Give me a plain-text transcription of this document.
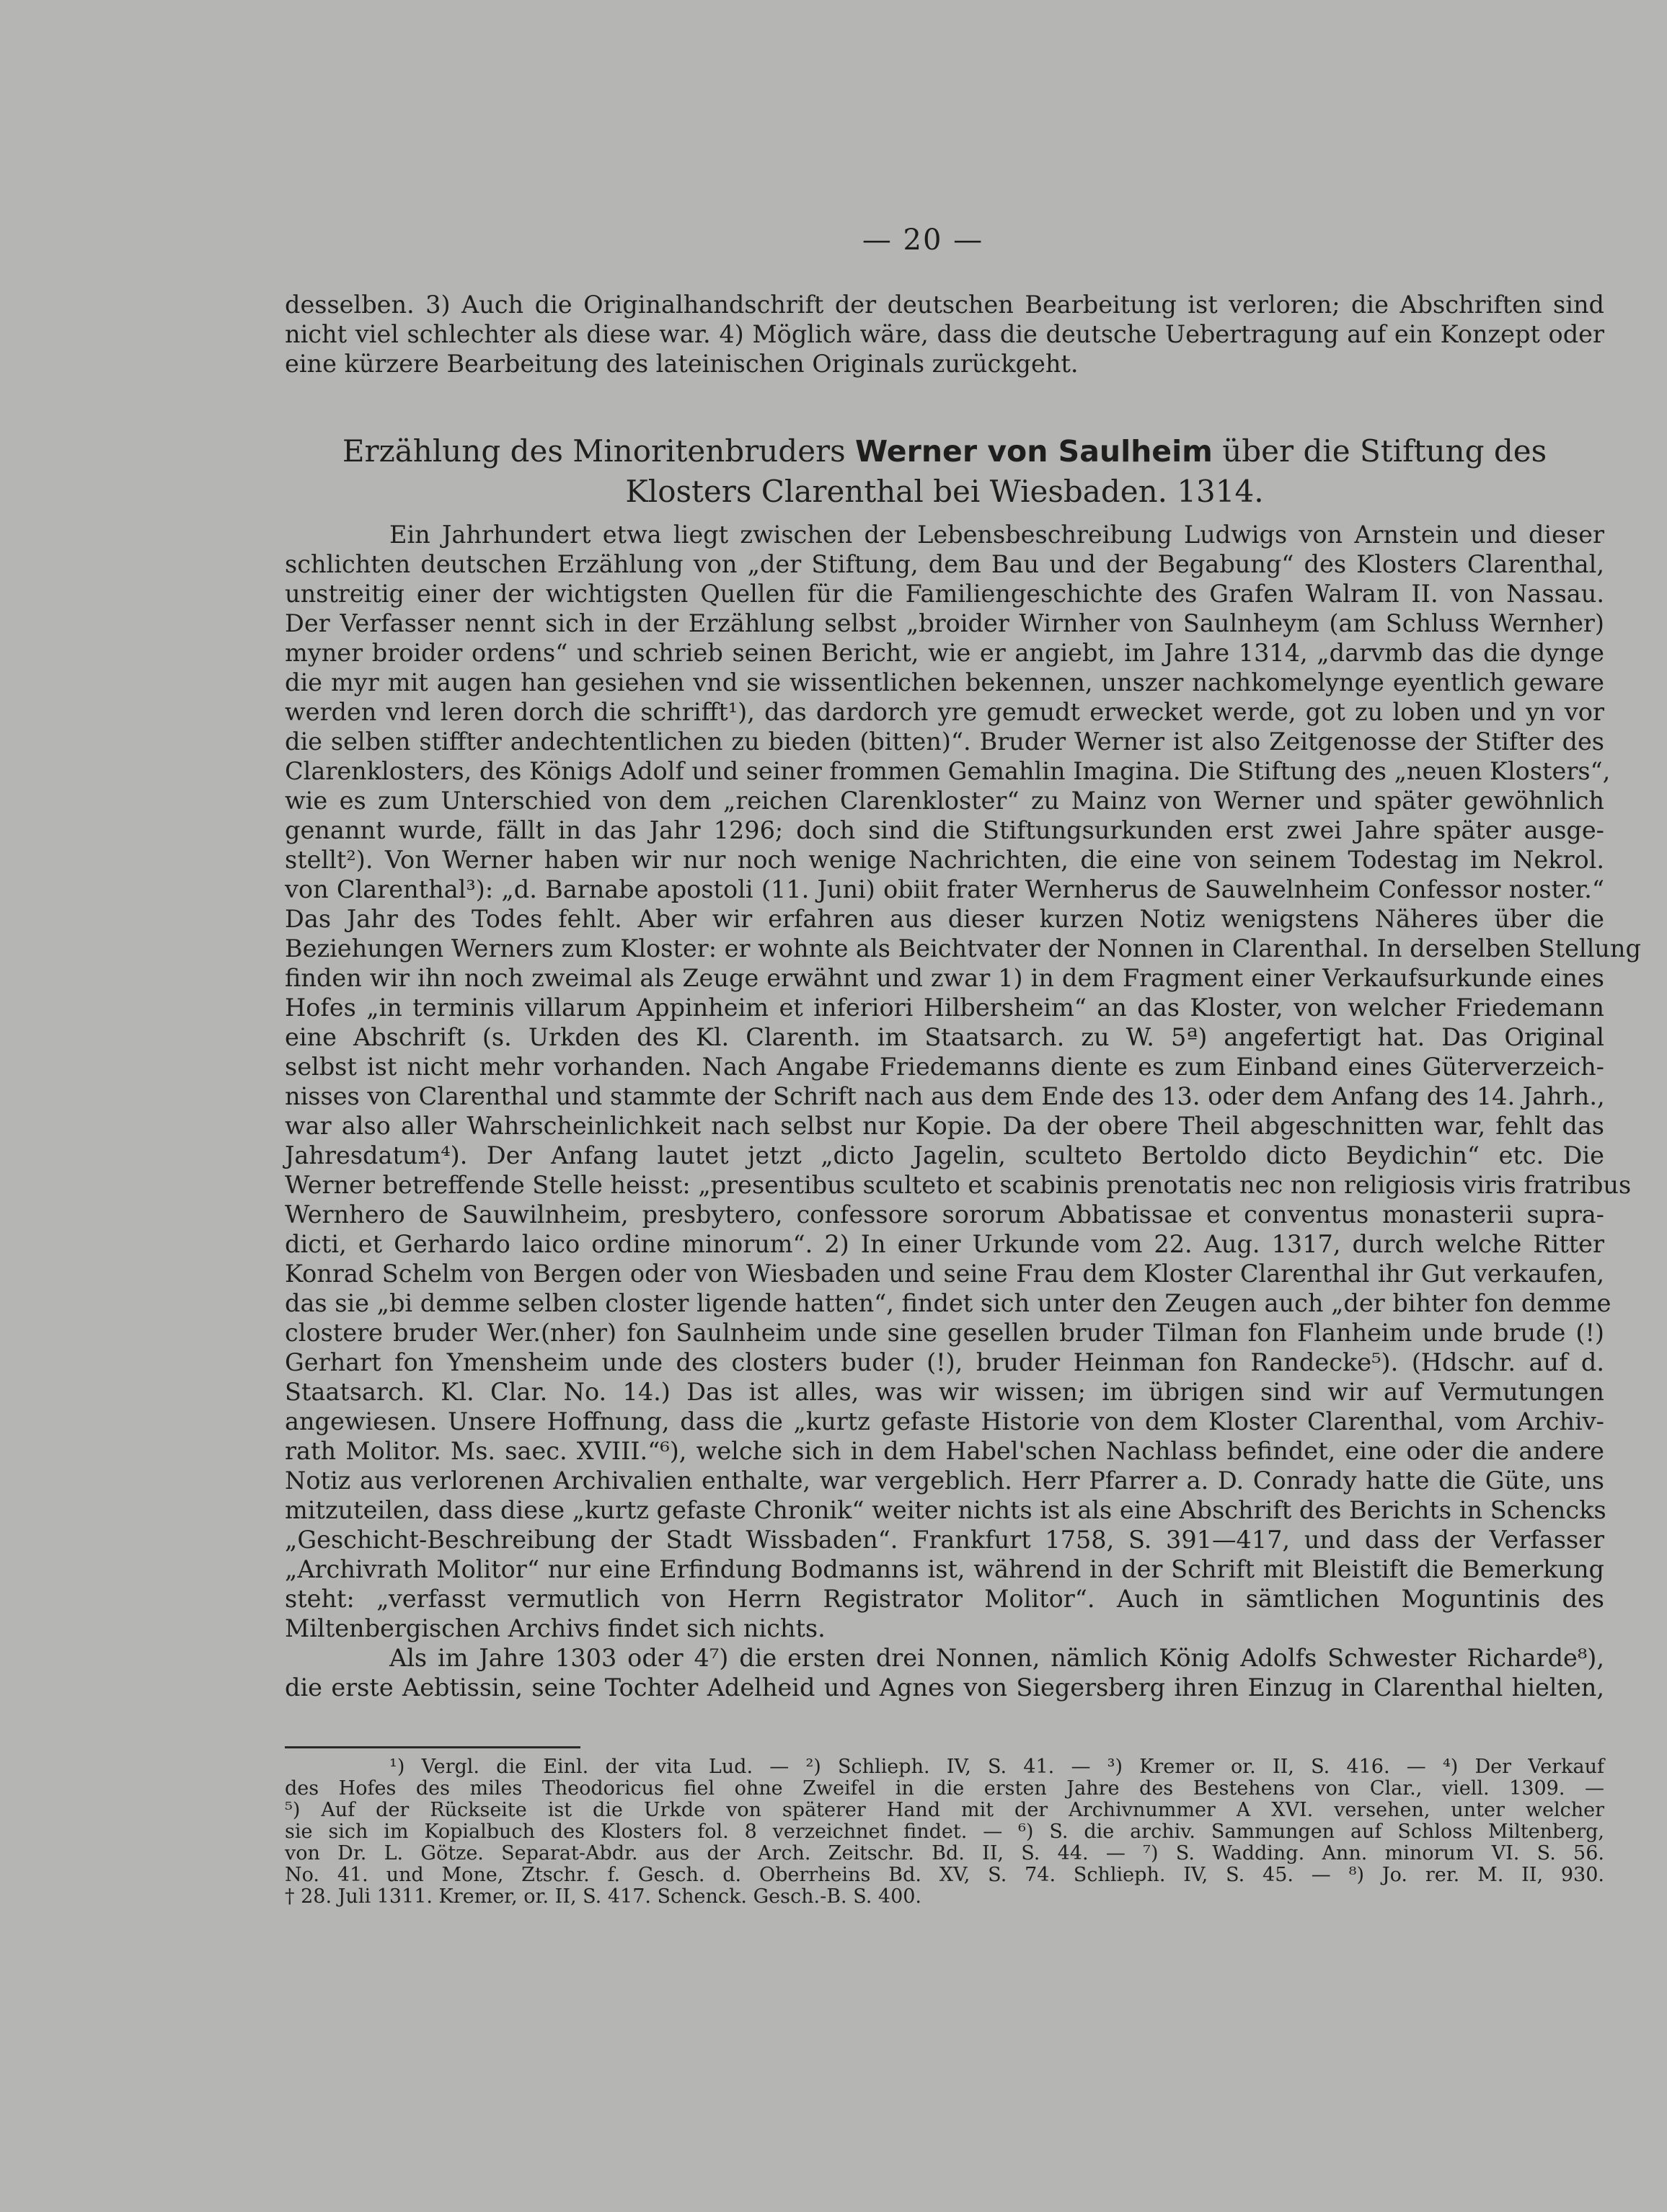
— 20 —
desselben. 3) Auch die Originalhandschrift der deutschen Bearbeitung ist verloren; die Abschriften sind
nicht viel schlechter als diese war. 4) Möglich wäre, dass die deutsche Uebertragung auf ein Konzept oder
eine kürzere Bearbeitung des lateinischen Originals zurückgeht.
Erzählung des Minoritenbruders Werner von Saulheim über die Stiftung des
Klosters Clarenthal bei Wiesbaden. 1314.
Ein Jahrhundert etwa liegt zwischen der Lebensbeschreibung Ludwigs von Arnstein und dieser
schlichten deutschen Erzählung von „der Stiftung, dem Bau und der Begabung“ des Klosters Clarenthal,
unstreitig einer der wichtigsten Quellen für die Familiengeschichte des Grafen Walram II. von Nassau.
Der Verfasser nennt sich in der Erzählung selbst „broider Wirnher von Saulnheym (am Schluss Wernher)
myner broider ordens“ und schrieb seinen Bericht, wie er angiebt, im Jahre 1314, „darvmb das die dynge
die myr mit augen han gesiehen vnd sie wissentlichen bekennen, unszer nachkomelynge eyentlich geware
werden vnd leren dorch die schrifft¹), das dardorch yre gemudt erwecket werde, got zu loben und yn vor
die selben stiffter andechtentlichen zu bieden (bitten)“. Bruder Werner ist also Zeitgenosse der Stifter des
Clarenklosters, des Königs Adolf und seiner frommen Gemahlin Imagina. Die Stiftung des „neuen Klosters“,
wie es zum Unterschied von dem „reichen Clarenkloster“ zu Mainz von Werner und später gewöhnlich
genannt wurde, fällt in das Jahr 1296; doch sind die Stiftungsurkunden erst zwei Jahre später ausge-
stellt²). Von Werner haben wir nur noch wenige Nachrichten, die eine von seinem Todestag im Nekrol.
von Clarenthal³): „d. Barnabe apostoli (11. Juni) obiit frater Wernherus de Sauwelnheim Confessor noster.“
Das Jahr des Todes fehlt. Aber wir erfahren aus dieser kurzen Notiz wenigstens Näheres über die
Beziehungen Werners zum Kloster: er wohnte als Beichtvater der Nonnen in Clarenthal. In derselben Stellung
finden wir ihn noch zweimal als Zeuge erwähnt und zwar 1) in dem Fragment einer Verkaufsurkunde eines
Hofes „in terminis villarum Appinheim et inferiori Hilbersheim“ an das Kloster, von welcher Friedemann
eine Abschrift (s. Urkden des Kl. Clarenth. im Staatsarch. zu W. 5ª) angefertigt hat. Das Original
selbst ist nicht mehr vorhanden. Nach Angabe Friedemanns diente es zum Einband eines Güterverzeich-
nisses von Clarenthal und stammte der Schrift nach aus dem Ende des 13. oder dem Anfang des 14. Jahrh.,
war also aller Wahrscheinlichkeit nach selbst nur Kopie. Da der obere Theil abgeschnitten war, fehlt das
Jahresdatum⁴). Der Anfang lautet jetzt „dicto Jagelin, sculteto Bertoldo dicto Beydichin“ etc. Die
Werner betreffende Stelle heisst: „presentibus sculteto et scabinis prenotatis nec non religiosis viris fratribus
Wernhero de Sauwilnheim, presbytero, confessore sororum Abbatissae et conventus monasterii supra-
dicti, et Gerhardo laico ordine minorum“. 2) In einer Urkunde vom 22. Aug. 1317, durch welche Ritter
Konrad Schelm von Bergen oder von Wiesbaden und seine Frau dem Kloster Clarenthal ihr Gut verkaufen,
das sie „bi demme selben closter ligende hatten“, findet sich unter den Zeugen auch „der bihter fon demme
clostere bruder Wer.(nher) fon Saulnheim unde sine gesellen bruder Tilman fon Flanheim unde brude (!)
Gerhart fon Ymensheim unde des closters buder (!), bruder Heinman fon Randecke⁵). (Hdschr. auf d.
Staatsarch. Kl. Clar. No. 14.) Das ist alles, was wir wissen; im übrigen sind wir auf Vermutungen
angewiesen. Unsere Hoffnung, dass die „kurtz gefaste Historie von dem Kloster Clarenthal, vom Archiv-
rath Molitor. Ms. saec. XVIII.“⁶), welche sich in dem Habel'schen Nachlass befindet, eine oder die andere
Notiz aus verlorenen Archivalien enthalte, war vergeblich. Herr Pfarrer a. D. Conrady hatte die Güte, uns
mitzuteilen, dass diese „kurtz gefaste Chronik“ weiter nichts ist als eine Abschrift des Berichts in Schencks
„Geschicht-Beschreibung der Stadt Wissbaden“. Frankfurt 1758, S. 391—417, und dass der Verfasser
„Archivrath Molitor“ nur eine Erfindung Bodmanns ist, während in der Schrift mit Bleistift die Bemerkung
steht: „verfasst vermutlich von Herrn Registrator Molitor“. Auch in sämtlichen Moguntinis des
Miltenbergischen Archivs findet sich nichts.
Als im Jahre 1303 oder 4⁷) die ersten drei Nonnen, nämlich König Adolfs Schwester Richarde⁸),
die erste Aebtissin, seine Tochter Adelheid und Agnes von Siegersberg ihren Einzug in Clarenthal hielten,
¹) Vergl. die Einl. der vita Lud. — ²) Schlieph. IV, S. 41. — ³) Kremer or. II, S. 416. — ⁴) Der Verkauf
des Hofes des miles Theodoricus fiel ohne Zweifel in die ersten Jahre des Bestehens von Clar., viell. 1309. —
⁵) Auf der Rückseite ist die Urkde von späterer Hand mit der Archivnummer A XVI. versehen, unter welcher
sie sich im Kopialbuch des Klosters fol. 8 verzeichnet findet. — ⁶) S. die archiv. Sammungen auf Schloss Miltenberg,
von Dr. L. Götze. Separat-Abdr. aus der Arch. Zeitschr. Bd. II, S. 44. — ⁷) S. Wadding. Ann. minorum VI. S. 56.
No. 41. und Mone, Ztschr. f. Gesch. d. Oberrheins Bd. XV, S. 74. Schlieph. IV, S. 45. — ⁸) Jo. rer. M. II, 930.
† 28. Juli 1311. Kremer, or. II, S. 417. Schenck. Gesch.-B. S. 400.
